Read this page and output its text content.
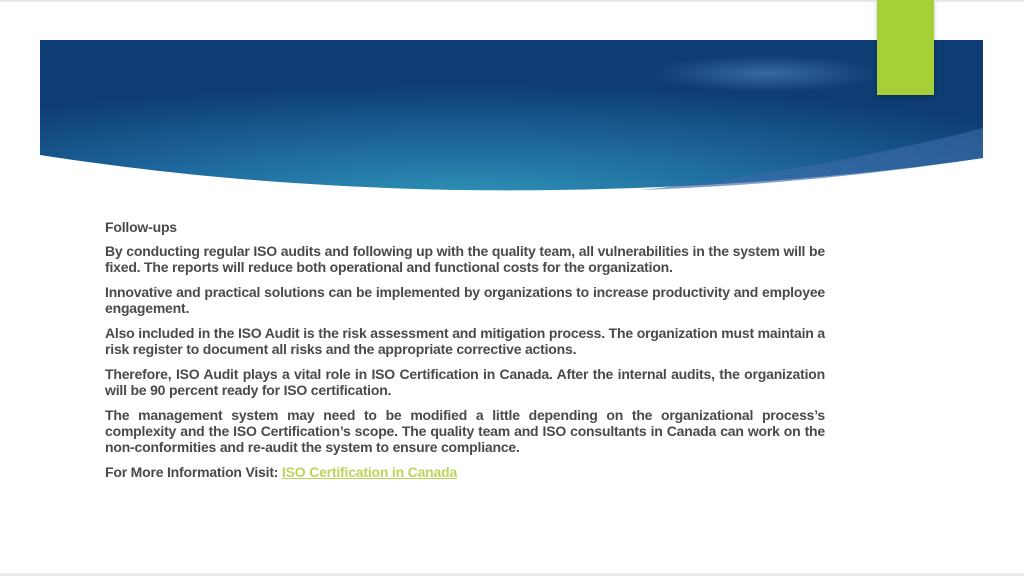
Follow-ups

By conducting regular ISO audits and following up with the quality team, all vulnerabilities in the system will be fixed. The reports will reduce both operational and functional costs for the organization.

Innovative and practical solutions can be implemented by organizations to increase productivity and employee engagement.

Also included in the ISO Audit is the risk assessment and mitigation process. The organization must maintain a risk register to document all risks and the appropriate corrective actions.

Therefore, ISO Audit plays a vital role in ISO Certification in Canada. After the internal audits, the organization will be 90 percent ready for ISO certification.

The management system may need to be modified a little depending on the organizational process’s complexity and the ISO Certification’s scope. The quality team and ISO consultants in Canada can work on the non-conformities and re-audit the system to ensure compliance.

For More Information Visit: ISO Certification in Canada
